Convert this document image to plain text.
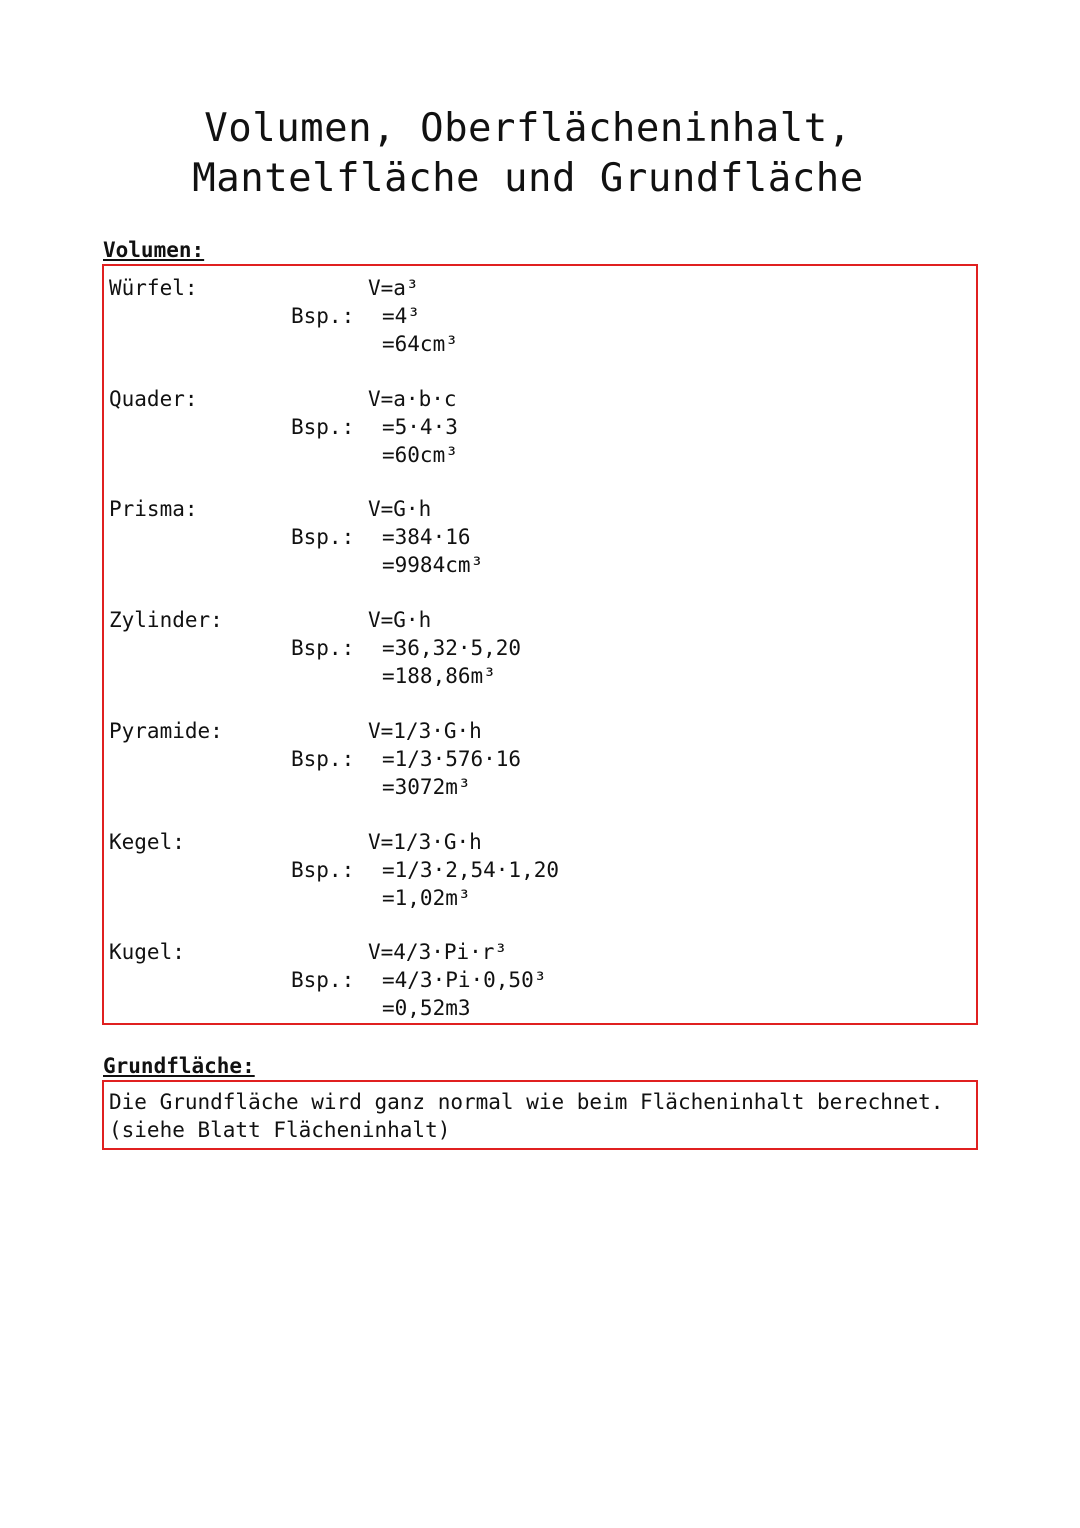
Volumen, Oberflächeninhalt,
Mantelfläche und Grundfläche
Volumen:
Würfel:
Bsp.:
V=a³
=4³
=64cm³
Quader:
Bsp.:
V=a·b·c
=5·4·3
=60cm³
Prisma:
Bsp.:
V=G·h
=384·16
=9984cm³
Zylinder:
Bsp.:
V=G·h
=36,32·5,20
=188,86m³
Pyramide:
Bsp.:
V=1/3·G·h
=1/3·576·16
=3072m³
Kegel:
Bsp.:
V=1/3·G·h
=1/3·2,54·1,20
=1,02m³
Kugel:
Bsp.:
V=4/3·Pi·r³
=4/3·Pi·0,50³
=0,52m3
Grundfläche:
Die Grundfläche wird ganz normal wie beim Flächeninhalt berechnet.
(siehe Blatt Flächeninhalt)
